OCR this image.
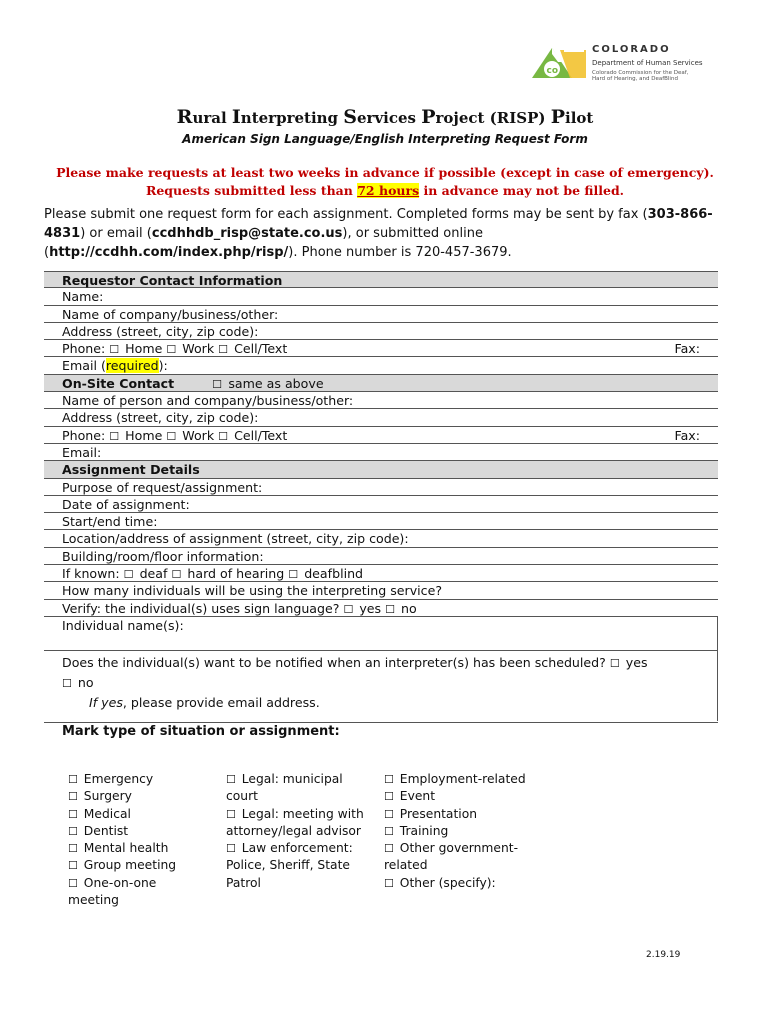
co
COLORADO
Department of Human Services
Colorado Commission for the Deaf, Hard of Hearing, and DeafBlind
Rural Interpreting Services Project (RISP) Pilot
American Sign Language/English Interpreting Request Form
Please make requests at least two weeks in advance if possible (except in case of emergency).
Requests submitted less than 72 hours in advance may not be filled.
Please submit one request form for each assignment. Completed forms may be sent by fax (303-866-4831) or email (ccdhhdb_risp@state.co.us), or submitted online (http://ccdhh.com/index.php/risp/). Phone number is 720-457-3679.
Requestor Contact Information
Name:
Name of company/business/other:
Address (street, city, zip code):
Phone: ☐ Home ☐ Work ☐ Cell/Text	Fax:
Email (required):
On-Site Contact	☐ same as above
Name of person and company/business/other:
Address (street, city, zip code):
Phone: ☐ Home ☐ Work ☐ Cell/Text	Fax:
Email:
Assignment Details
Purpose of request/assignment:
Date of assignment:
Start/end time:
Location/address of assignment (street, city, zip code):
Building/room/floor information:
If known: ☐ deaf ☐ hard of hearing ☐ deafblind
How many individuals will be using the interpreting service?
Verify: the individual(s) uses sign language? ☐ yes ☐ no
Individual name(s):
Does the individual(s) want to be notified when an interpreter(s) has been scheduled? ☐ yes
☐ no
If yes, please provide email address.
Mark type of situation or assignment:
☐ Emergency
☐ Surgery
☐ Medical
☐ Dentist
☐ Mental health
☐ Group meeting
☐ One-on-one meeting
☐ Legal: municipal court
☐ Legal: meeting with attorney/legal advisor
☐ Law enforcement: Police, Sheriff, State Patrol
☐ Employment-related
☐ Event
☐ Presentation
☐ Training
☐ Other government-related
☐ Other (specify):
2.19.19
